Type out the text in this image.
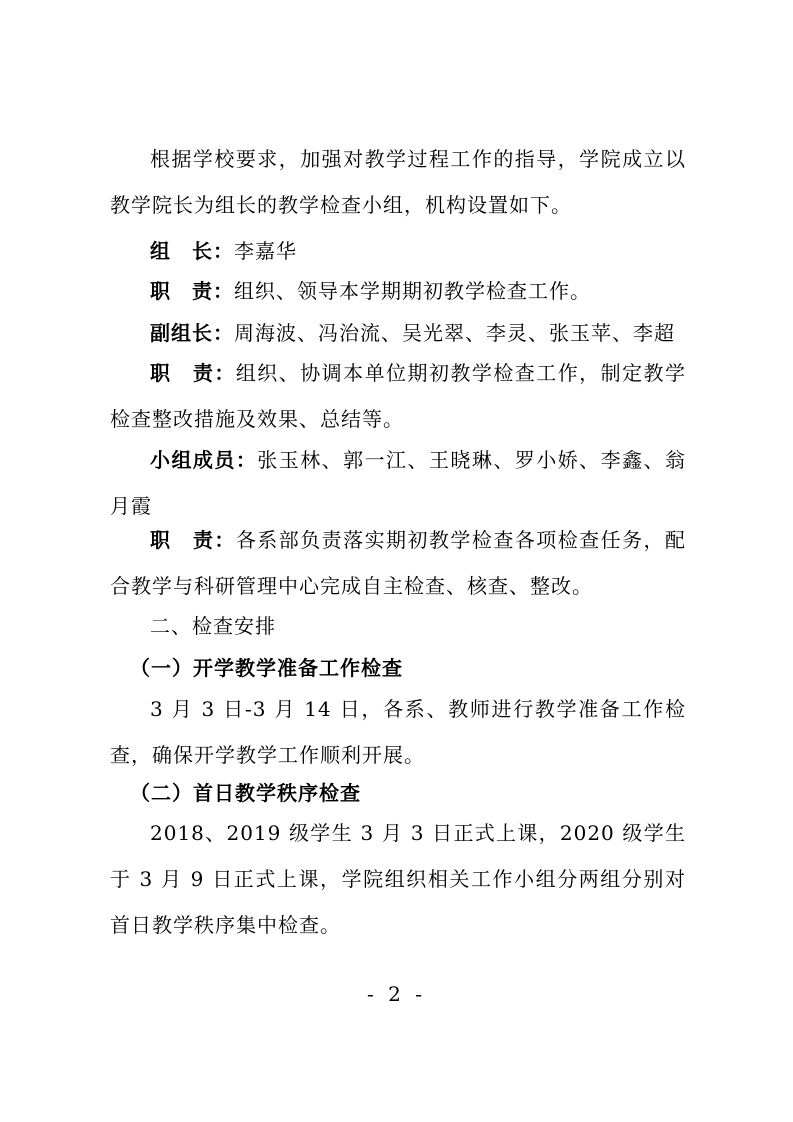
根据学校要求，加强对教学过程工作的指导，学院成立以教学院长为组长的教学检查小组，机构设置如下。

组　长：李嘉华

职　责：组织、领导本学期期初教学检查工作。

副组长：周海波、冯治流、吴光翠、李灵、张玉苹、李超

职　责：组织、协调本单位期初教学检查工作，制定教学检查整改措施及效果、总结等。

小组成员：张玉林、郭一江、王晓琳、罗小娇、李鑫、翁月霞

职　责：各系部负责落实期初教学检查各项检查任务，配合教学与科研管理中心完成自主检查、核查、整改。

二、检查安排

（一）开学教学准备工作检查

3 月 3 日-3 月 14 日，各系、教师进行教学准备工作检查，确保开学教学工作顺利开展。

（二）首日教学秩序检查

2018、2019 级学生 3 月 3 日正式上课，2020 级学生于 3 月 9 日正式上课，学院组织相关工作小组分两组分别对首日教学秩序集中检查。

- 2 -
